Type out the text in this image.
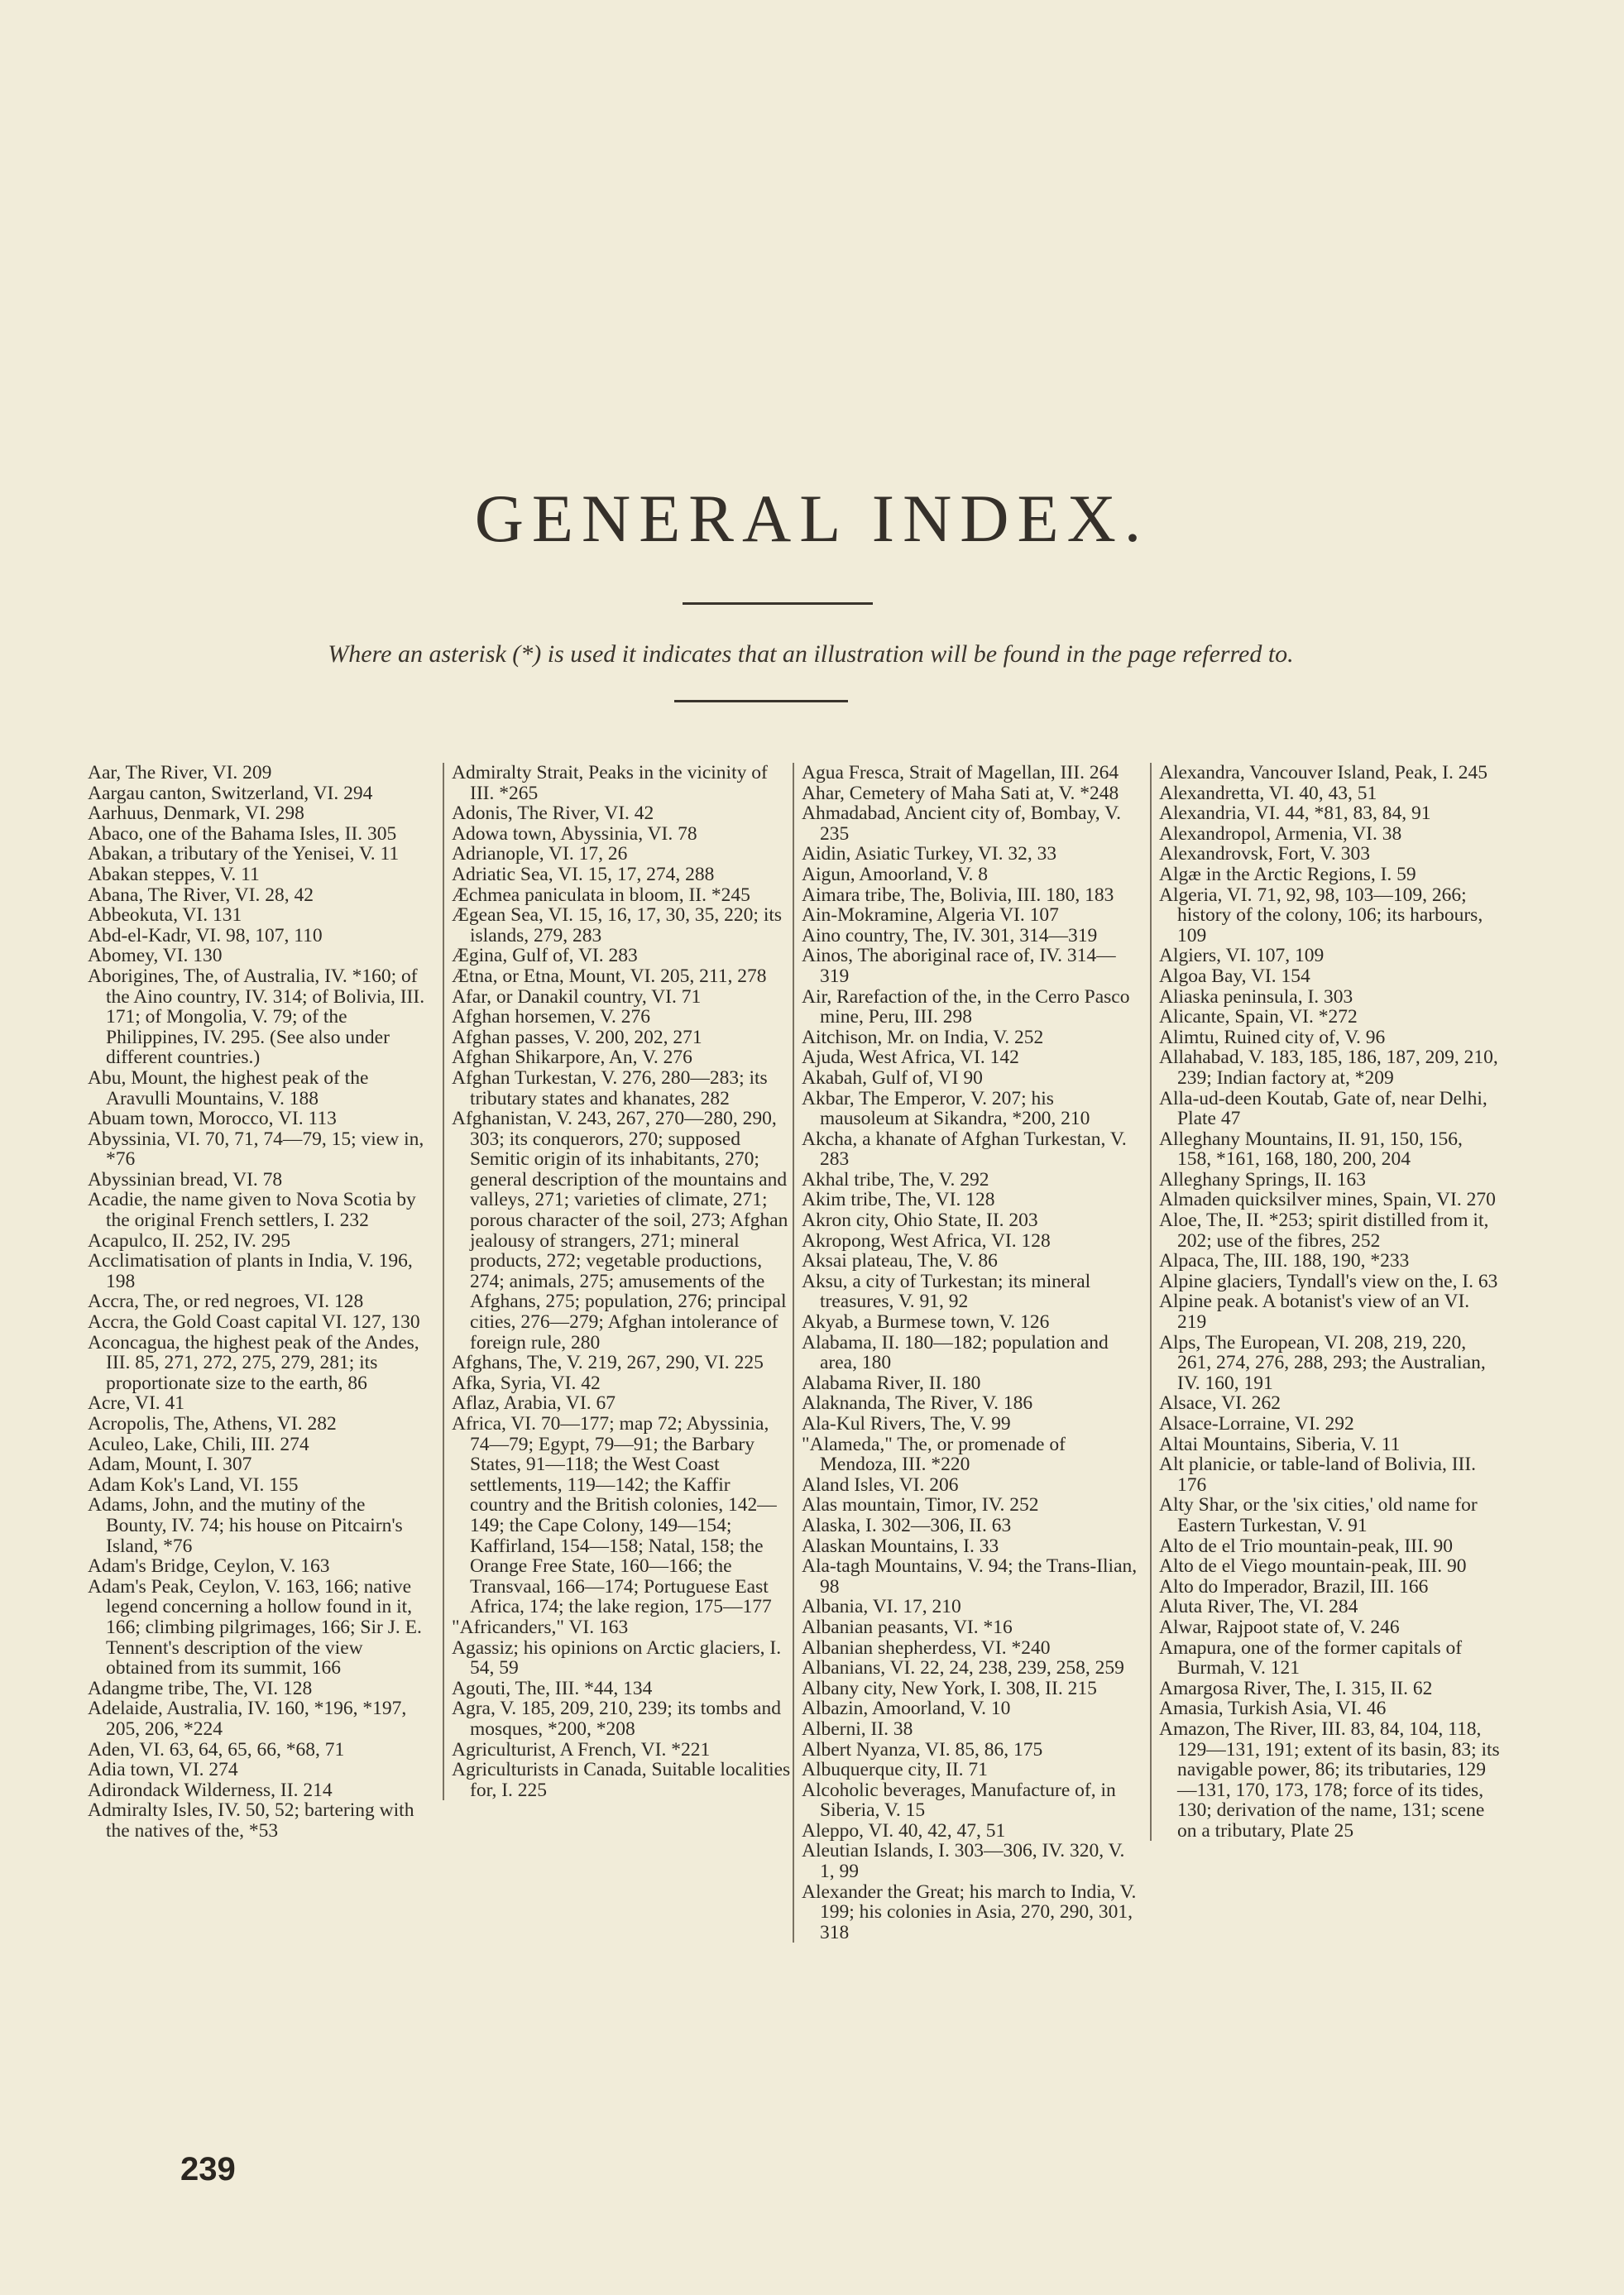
GENERAL INDEX.
Where an asterisk (*) is used it indicates that an illustration will be found in the page referred to.

Aar, The River, VI. 209

Aargau canton, Switzerland, VI. 294

Aarhuus, Denmark, VI. 298

Abaco, one of the Bahama Isles, II. 305

Abakan, a tributary of the Yenisei, V. 11

Abakan steppes, V. 11

Abana, The River, VI. 28, 42

Abbeokuta, VI. 131

Abd-el-Kadr, VI. 98, 107, 110

Abomey, VI. 130

Aborigines, The, of Australia, IV. *160; of the Aino country, IV. 314; of Bolivia, III. 171; of Mongolia, V. 79; of the Philippines, IV. 295. (See also under different countries.)

Abu, Mount, the highest peak of the Aravulli Mountains, V. 188

Abuam town, Morocco, VI. 113

Abyssinia, VI. 70, 71, 74—79, 15; view in, *76

Abyssinian bread, VI. 78

Acadie, the name given to Nova Scotia by the original French settlers, I. 232

Acapulco, II. 252, IV. 295

Acclimatisation of plants in India, V. 196, 198

Accra, The, or red negroes, VI. 128

Accra, the Gold Coast capital VI. 127, 130

Aconcagua, the highest peak of the Andes, III. 85, 271, 272, 275, 279, 281; its proportionate size to the earth, 86

Acre, VI. 41

Acropolis, The, Athens, VI. 282

Aculeo, Lake, Chili, III. 274

Adam, Mount, I. 307

Adam Kok's Land, VI. 155

Adams, John, and the mutiny of the Bounty, IV. 74; his house on Pitcairn's Island, *76

Adam's Bridge, Ceylon, V. 163

Adam's Peak, Ceylon, V. 163, 166; native legend concerning a hollow found in it, 166; climbing pilgrimages, 166; Sir J. E. Tennent's description of the view obtained from its summit, 166

Adangme tribe, The, VI. 128

Adelaide, Australia, IV. 160, *196, *197, 205, 206, *224

Aden, VI. 63, 64, 65, 66, *68, 71

Adia town, VI. 274

Adirondack Wilderness, II. 214

Admiralty Isles, IV. 50, 52; bartering with the natives of the, *53

Admiralty Strait, Peaks in the vicinity of III. *265

Adonis, The River, VI. 42

Adowa town, Abyssinia, VI. 78

Adrianople, VI. 17, 26

Adriatic Sea, VI. 15, 17, 274, 288

Æchmea paniculata in bloom, II. *245

Ægean Sea, VI. 15, 16, 17, 30, 35, 220; its islands, 279, 283

Ægina, Gulf of, VI. 283

Ætna, or Etna, Mount, VI. 205, 211, 278

Afar, or Danakil country, VI. 71

Afghan horsemen, V. 276

Afghan passes, V. 200, 202, 271

Afghan Shikarpore, An, V. 276

Afghan Turkestan, V. 276, 280—283; its tributary states and khanates, 282

Afghanistan, V. 243, 267, 270—280, 290, 303; its conquerors, 270; supposed Semitic origin of its inhabitants, 270; general description of the mountains and valleys, 271; varieties of climate, 271; porous character of the soil, 273; Afghan jealousy of strangers, 271; mineral products, 272; vegetable productions, 274; animals, 275; amusements of the Afghans, 275; population, 276; principal cities, 276—279; Afghan intolerance of foreign rule, 280

Afghans, The, V. 219, 267, 290, VI. 225

Afka, Syria, VI. 42

Aflaz, Arabia, VI. 67

Africa, VI. 70—177; map 72; Abyssinia, 74—79; Egypt, 79—91; the Barbary States, 91—118; the West Coast settlements, 119—142; the Kaffir country and the British colonies, 142—149; the Cape Colony, 149—154; Kaffirland, 154—158; Natal, 158; the Orange Free State, 160—166; the Transvaal, 166—174; Portuguese East Africa, 174; the lake region, 175—177

"Africanders," VI. 163

Agassiz; his opinions on Arctic glaciers, I. 54, 59

Agouti, The, III. *44, 134

Agra, V. 185, 209, 210, 239; its tombs and mosques, *200, *208

Agriculturist, A French, VI. *221

Agriculturists in Canada, Suitable localities for, I. 225

Agua Fresca, Strait of Magellan, III. 264

Ahar, Cemetery of Maha Sati at, V. *248

Ahmadabad, Ancient city of, Bombay, V. 235

Aidin, Asiatic Turkey, VI. 32, 33

Aigun, Amoorland, V. 8

Aimara tribe, The, Bolivia, III. 180, 183

Ain-Mokramine, Algeria VI. 107

Aino country, The, IV. 301, 314—319

Ainos, The aboriginal race of, IV. 314—319

Air, Rarefaction of the, in the Cerro Pasco mine, Peru, III. 298

Aitchison, Mr. on India, V. 252

Ajuda, West Africa, VI. 142

Akabah, Gulf of, VI 90

Akbar, The Emperor, V. 207; his mausoleum at Sikandra, *200, 210

Akcha, a khanate of Afghan Turkestan, V. 283

Akhal tribe, The, V. 292

Akim tribe, The, VI. 128

Akron city, Ohio State, II. 203

Akropong, West Africa, VI. 128

Aksai plateau, The, V. 86

Aksu, a city of Turkestan; its mineral treasures, V. 91, 92

Akyab, a Burmese town, V. 126

Alabama, II. 180—182; population and area, 180

Alabama River, II. 180

Alaknanda, The River, V. 186

Ala-Kul Rivers, The, V. 99

"Alameda," The, or promenade of Mendoza, III. *220

Aland Isles, VI. 206

Alas mountain, Timor, IV. 252

Alaska, I. 302—306, II. 63

Alaskan Mountains, I. 33

Ala-tagh Mountains, V. 94; the Trans-Ilian, 98

Albania, VI. 17, 210

Albanian peasants, VI. *16

Albanian shepherdess, VI. *240

Albanians, VI. 22, 24, 238, 239, 258, 259

Albany city, New York, I. 308, II. 215

Albazin, Amoorland, V. 10

Alberni, II. 38

Albert Nyanza, VI. 85, 86, 175

Albuquerque city, II. 71

Alcoholic beverages, Manufacture of, in Siberia, V. 15

Aleppo, VI. 40, 42, 47, 51

Aleutian Islands, I. 303—306, IV. 320, V. 1, 99

Alexander the Great; his march to India, V. 199; his colonies in Asia, 270, 290, 301, 318

Alexandra, Vancouver Island, Peak, I. 245

Alexandretta, VI. 40, 43, 51

Alexandria, VI. 44, *81, 83, 84, 91

Alexandropol, Armenia, VI. 38

Alexandrovsk, Fort, V. 303

Algæ in the Arctic Regions, I. 59

Algeria, VI. 71, 92, 98, 103—109, 266; history of the colony, 106; its harbours, 109

Algiers, VI. 107, 109

Algoa Bay, VI. 154

Aliaska peninsula, I. 303

Alicante, Spain, VI. *272

Alimtu, Ruined city of, V. 96

Allahabad, V. 183, 185, 186, 187, 209, 210, 239; Indian factory at, *209

Alla-ud-deen Koutab, Gate of, near Delhi, Plate 47

Alleghany Mountains, II. 91, 150, 156, 158, *161, 168, 180, 200, 204

Alleghany Springs, II. 163

Almaden quicksilver mines, Spain, VI. 270

Aloe, The, II. *253; spirit distilled from it, 202; use of the fibres, 252

Alpaca, The, III. 188, 190, *233

Alpine glaciers, Tyndall's view on the, I. 63

Alpine peak. A botanist's view of an VI. 219

Alps, The European, VI. 208, 219, 220, 261, 274, 276, 288, 293; the Australian, IV. 160, 191

Alsace, VI. 262

Alsace-Lorraine, VI. 292

Altai Mountains, Siberia, V. 11

Alt planicie, or table-land of Bolivia, III. 176

Alty Shar, or the 'six cities,' old name for Eastern Turkestan, V. 91

Alto de el Trio mountain-peak, III. 90

Alto de el Viego mountain-peak, III. 90

Alto do Imperador, Brazil, III. 166

Aluta River, The, VI. 284

Alwar, Rajpoot state of, V. 246

Amapura, one of the former capitals of Burmah, V. 121

Amargosa River, The, I. 315, II. 62

Amasia, Turkish Asia, VI. 46

Amazon, The River, III. 83, 84, 104, 118, 129—131, 191; extent of its basin, 83; its navigable power, 86; its tributaries, 129—131, 170, 173, 178; force of its tides, 130; derivation of the name, 131; scene on a tributary, Plate 25

239
